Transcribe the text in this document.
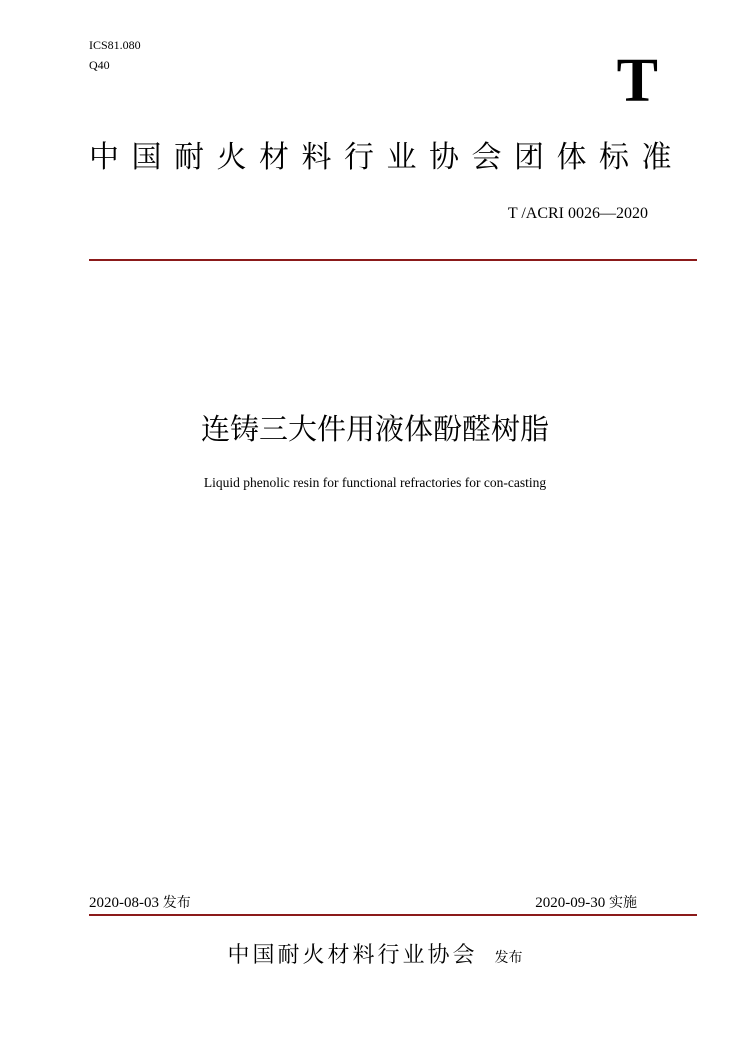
ICS81.080
Q40	T
中国耐火材料行业协会团体标准
T /ACRI 0026—2020
连铸三大件用液体酚醛树脂
Liquid phenolic resin for functional refractories for con-casting
2020-08-03 发布	2020-09-30 实施
中国耐火材料行业协会 发布
